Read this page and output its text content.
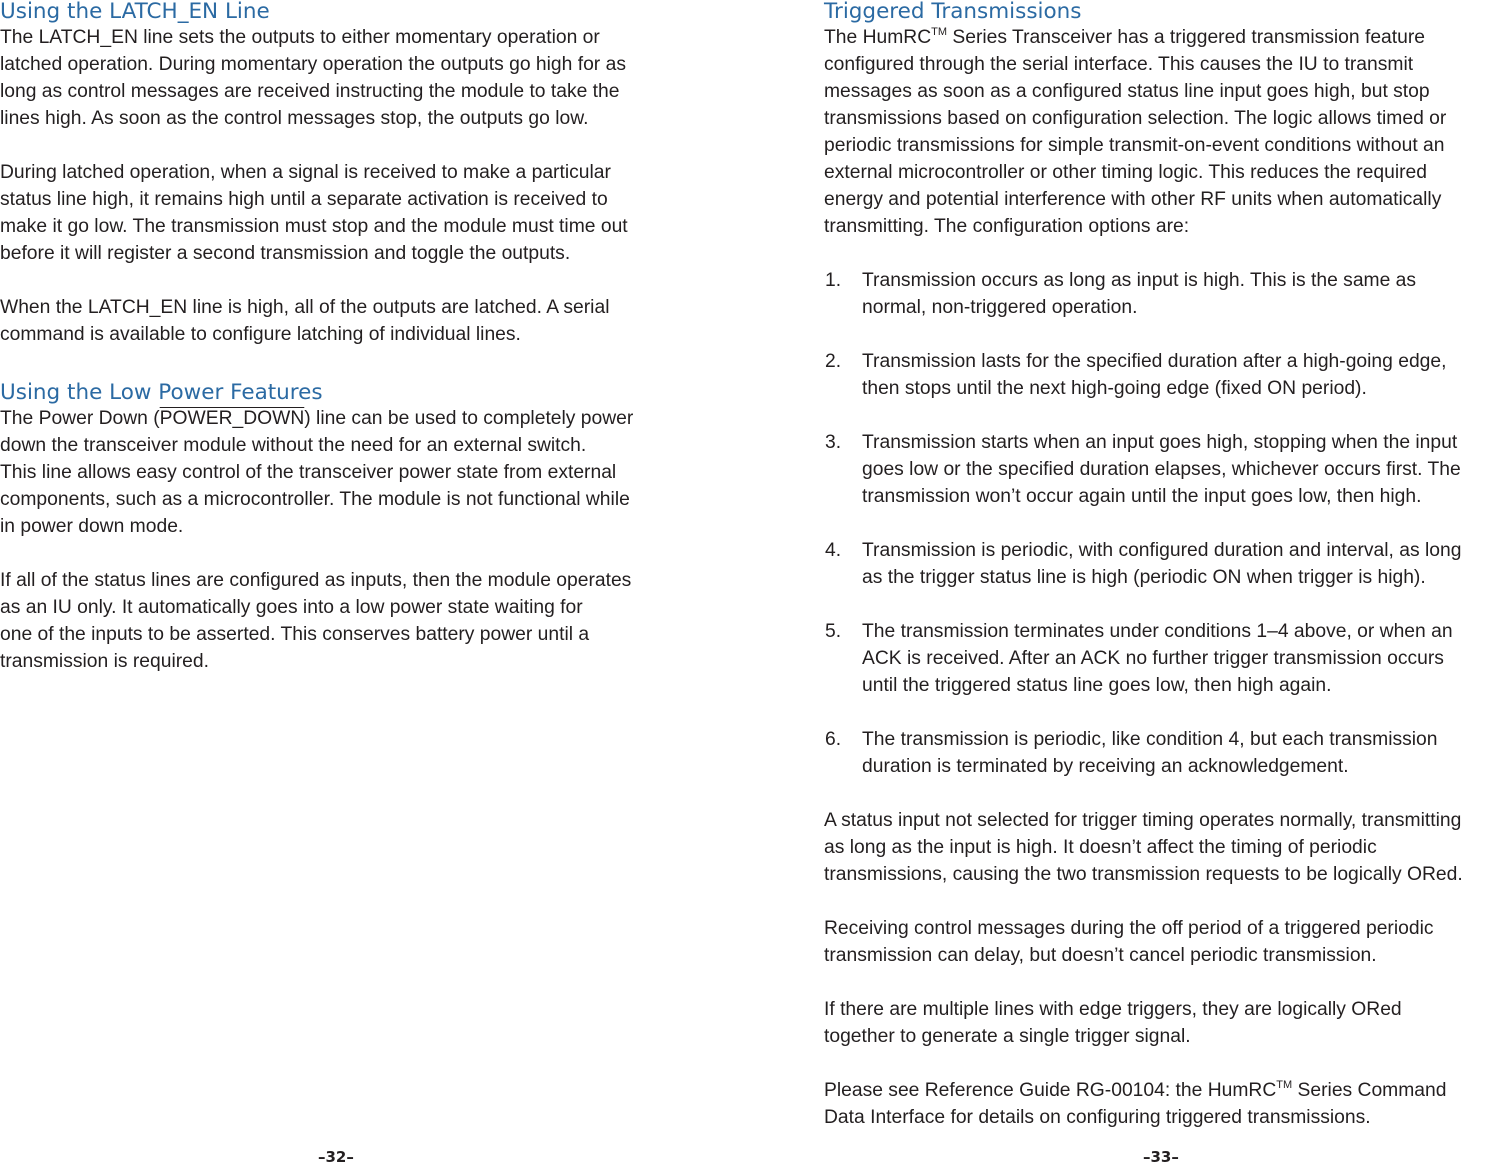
Using the LATCH_EN Line

The LATCH_EN line sets the outputs to either momentary operation or

latched operation. During momentary operation the outputs go high for as

long as control messages are received instructing the module to take the

lines high. As soon as the control messages stop, the outputs go low.

During latched operation, when a signal is received to make a particular

status line high, it remains high until a separate activation is received to

make it go low. The transmission must stop and the module must time out

before it will register a second transmission and toggle the outputs.

When the LATCH_EN line is high, all of the outputs are latched. A serial

command is available to configure latching of individual lines.

Using the Low Power Features

The Power Down (POWER_DOWN) line can be used to completely power

down the transceiver module without the need for an external switch.

This line allows easy control of the transceiver power state from external

components, such as a microcontroller. The module is not functional while

in power down mode.

If all of the status lines are configured as inputs, then the module operates

as an IU only. It automatically goes into a low power state waiting for

one of the inputs to be asserted. This conserves battery power until a

transmission is required.

–32–
Triggered Transmissions

The HumRC™ Series Transceiver has a triggered transmission feature

configured through the serial interface. This causes the IU to transmit

messages as soon as a configured status line input goes high, but stop

transmissions based on configuration selection. The logic allows timed or

periodic transmissions for simple transmit-on-event conditions without an

external microcontroller or other timing logic. This reduces the required

energy and potential interference with other RF units when automatically

transmitting. The configuration options are:

1. Transmission occurs as long as input is high. This is the same as
normal, non-triggered operation.
2. Transmission lasts for the specified duration after a high-going edge,
then stops until the next high-going edge (fixed ON period).
3. Transmission starts when an input goes high, stopping when the input
goes low or the specified duration elapses, whichever occurs first. The
transmission won’t occur again until the input goes low, then high.
4. Transmission is periodic, with configured duration and interval, as long
as the trigger status line is high (periodic ON when trigger is high).
5. The transmission terminates under conditions 1–4 above, or when an
ACK is received. After an ACK no further trigger transmission occurs
until the triggered status line goes low, then high again.
6. The transmission is periodic, like condition 4, but each transmission
duration is terminated by receiving an acknowledgement.

A status input not selected for trigger timing operates normally, transmitting

as long as the input is high. It doesn’t affect the timing of periodic

transmissions, causing the two transmission requests to be logically ORed.

Receiving control messages during the off period of a triggered periodic

transmission can delay, but doesn’t cancel periodic transmission.

If there are multiple lines with edge triggers, they are logically ORed

together to generate a single trigger signal.

Please see Reference Guide RG-00104: the HumRC™ Series Command

Data Interface for details on configuring triggered transmissions.

–33–
